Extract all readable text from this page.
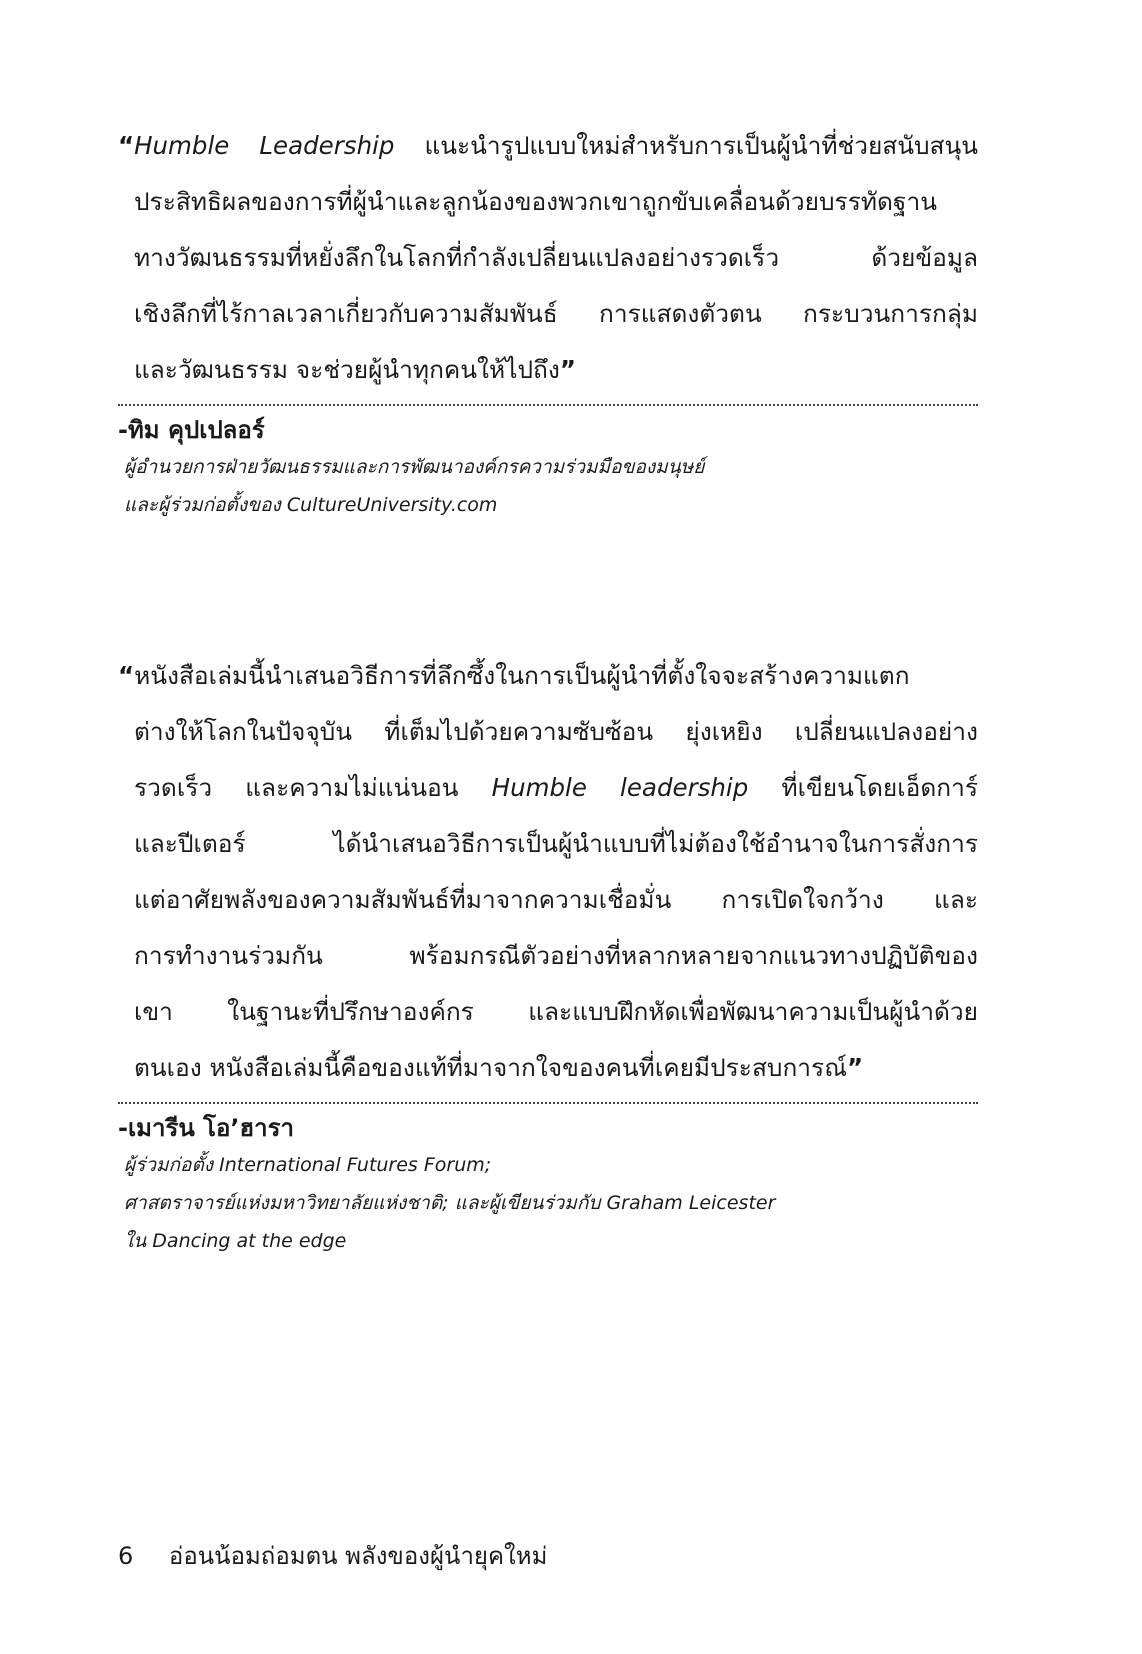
“Humble Leadership แนะนำรูปแบบใหม่สำหรับการเป็นผู้นำที่ช่วยสนับสนุน
ประสิทธิผลของการที่ผู้นำและลูกน้องของพวกเขาถูกขับเคลื่อนด้วยบรรทัดฐาน
ทางวัฒนธรรมที่หยั่งลึกในโลกที่กำลังเปลี่ยนแปลงอย่างรวดเร็ว ด้วยข้อมูล
เชิงลึกที่ไร้กาลเวลาเกี่ยวกับความสัมพันธ์ การแสดงตัวตน กระบวนการกลุ่ม
และวัฒนธรรม จะช่วยผู้นำทุกคนให้ไปถึง”
-ทิม คุปเปลอร์
ผู้อำนวยการฝ่ายวัฒนธรรมและการพัฒนาองค์กรความร่วมมือของมนุษย์
และผู้ร่วมก่อตั้งของ CultureUniversity.com
“หนังสือเล่มนี้นำเสนอวิธีการที่ลึกซึ้งในการเป็นผู้นำที่ตั้งใจจะสร้างความแตก
ต่างให้โลกในปัจจุบัน ที่เต็มไปด้วยความซับซ้อน ยุ่งเหยิง เปลี่ยนแปลงอย่าง
รวดเร็ว และความไม่แน่นอน Humble leadership ที่เขียนโดยเอ็ดการ์
และปีเตอร์ ได้นำเสนอวิธีการเป็นผู้นำแบบที่ไม่ต้องใช้อำนาจในการสั่งการ
แต่อาศัยพลังของความสัมพันธ์ที่มาจากความเชื่อมั่น การเปิดใจกว้าง และ
การทำงานร่วมกัน พร้อมกรณีตัวอย่างที่หลากหลายจากแนวทางปฏิบัติของ
เขา ในฐานะที่ปรึกษาองค์กร และแบบฝึกหัดเพื่อพัฒนาความเป็นผู้นำด้วย
ตนเอง หนังสือเล่มนี้คือของแท้ที่มาจากใจของคนที่เคยมีประสบการณ์”
-เมารีน โอ’ฮารา
ผู้ร่วมก่อตั้ง International Futures Forum;
ศาสตราจารย์แห่งมหาวิทยาลัยแห่งชาติ; และผู้เขียนร่วมกับ Graham Leicester
ใน Dancing at the edge
6 อ่อนน้อมถ่อมตน พลังของผู้นำยุคใหม่
